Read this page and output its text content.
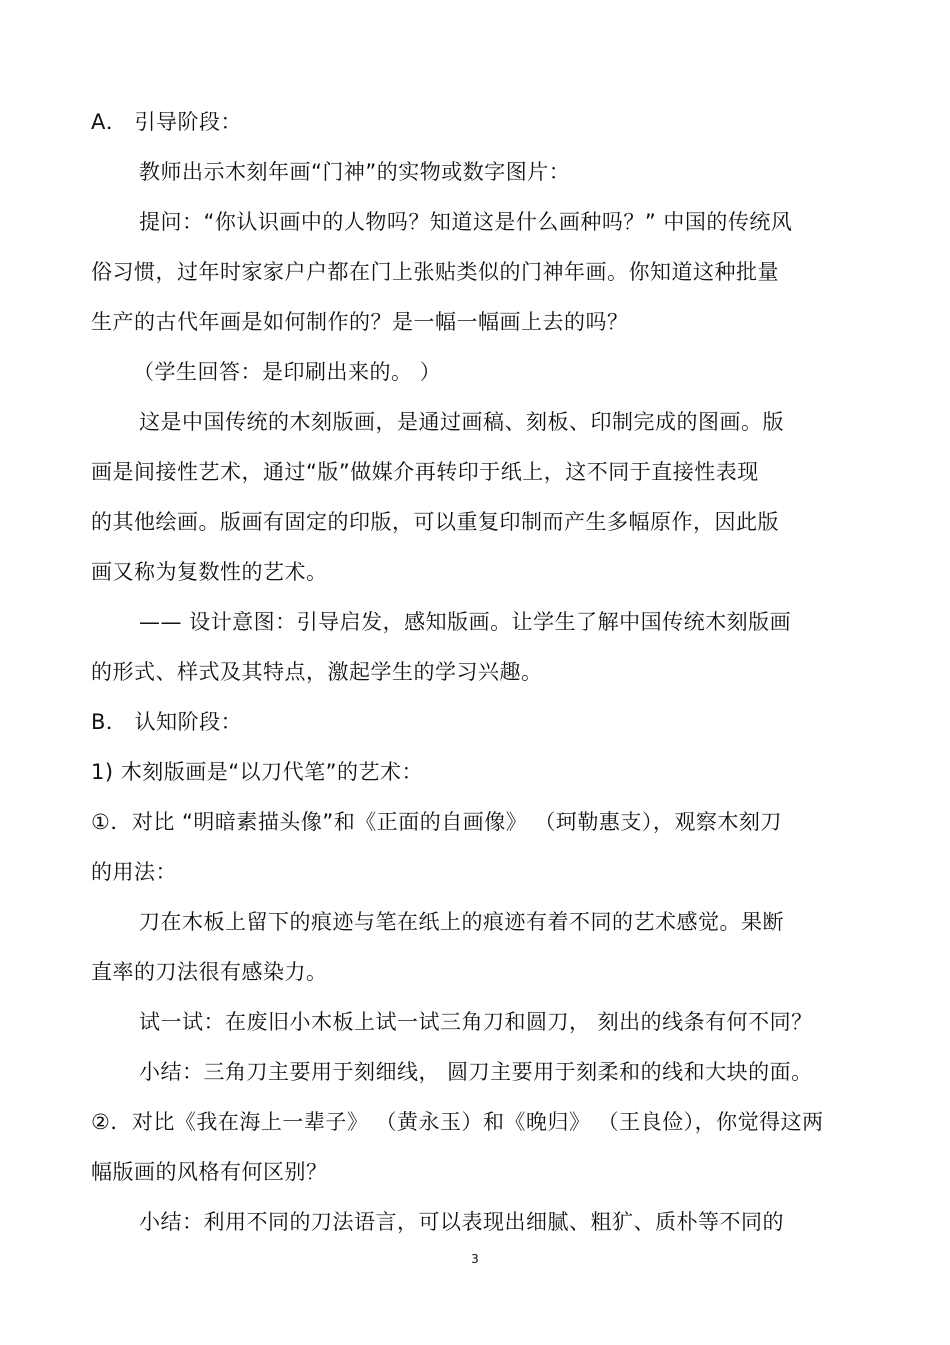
A． 引导阶段：
教师出示木刻年画“门神”的实物或数字图片：
提问：“你认识画中的人物吗？知道这是什么画种吗？” 中国的传统风
俗习惯，过年时家家户户都在门上张贴类似的门神年画。你知道这种批量
生产的古代年画是如何制作的？是一幅一幅画上去的吗？
（学生回答：是印刷出来的。 ）
这是中国传统的木刻版画，是通过画稿、刻板、印制完成的图画。版
画是间接性艺术，通过“版”做媒介再转印于纸上，这不同于直接性表现
的其他绘画。版画有固定的印版，可以重复印制而产生多幅原作，因此版
画又称为复数性的艺术。
—— 设计意图：引导启发，感知版画。让学生了解中国传统木刻版画
的形式、样式及其特点，激起学生的学习兴趣。
B． 认知阶段：
1) 木刻版画是“以刀代笔”的艺术：
①．对比 “明暗素描头像”和《正面的自画像》 （珂勒惠支），观察木刻刀
的用法：
刀在木板上留下的痕迹与笔在纸上的痕迹有着不同的艺术感觉。果断
直率的刀法很有感染力。
试一试：在废旧小木板上试一试三角刀和圆刀， 刻出的线条有何不同？
小结：三角刀主要用于刻细线， 圆刀主要用于刻柔和的线和大块的面。
②．对比《我在海上一辈子》 （黄永玉）和《晚归》 （王良俭），你觉得这两
幅版画的风格有何区别？
小结：利用不同的刀法语言，可以表现出细腻、粗犷、质朴等不同的
3
